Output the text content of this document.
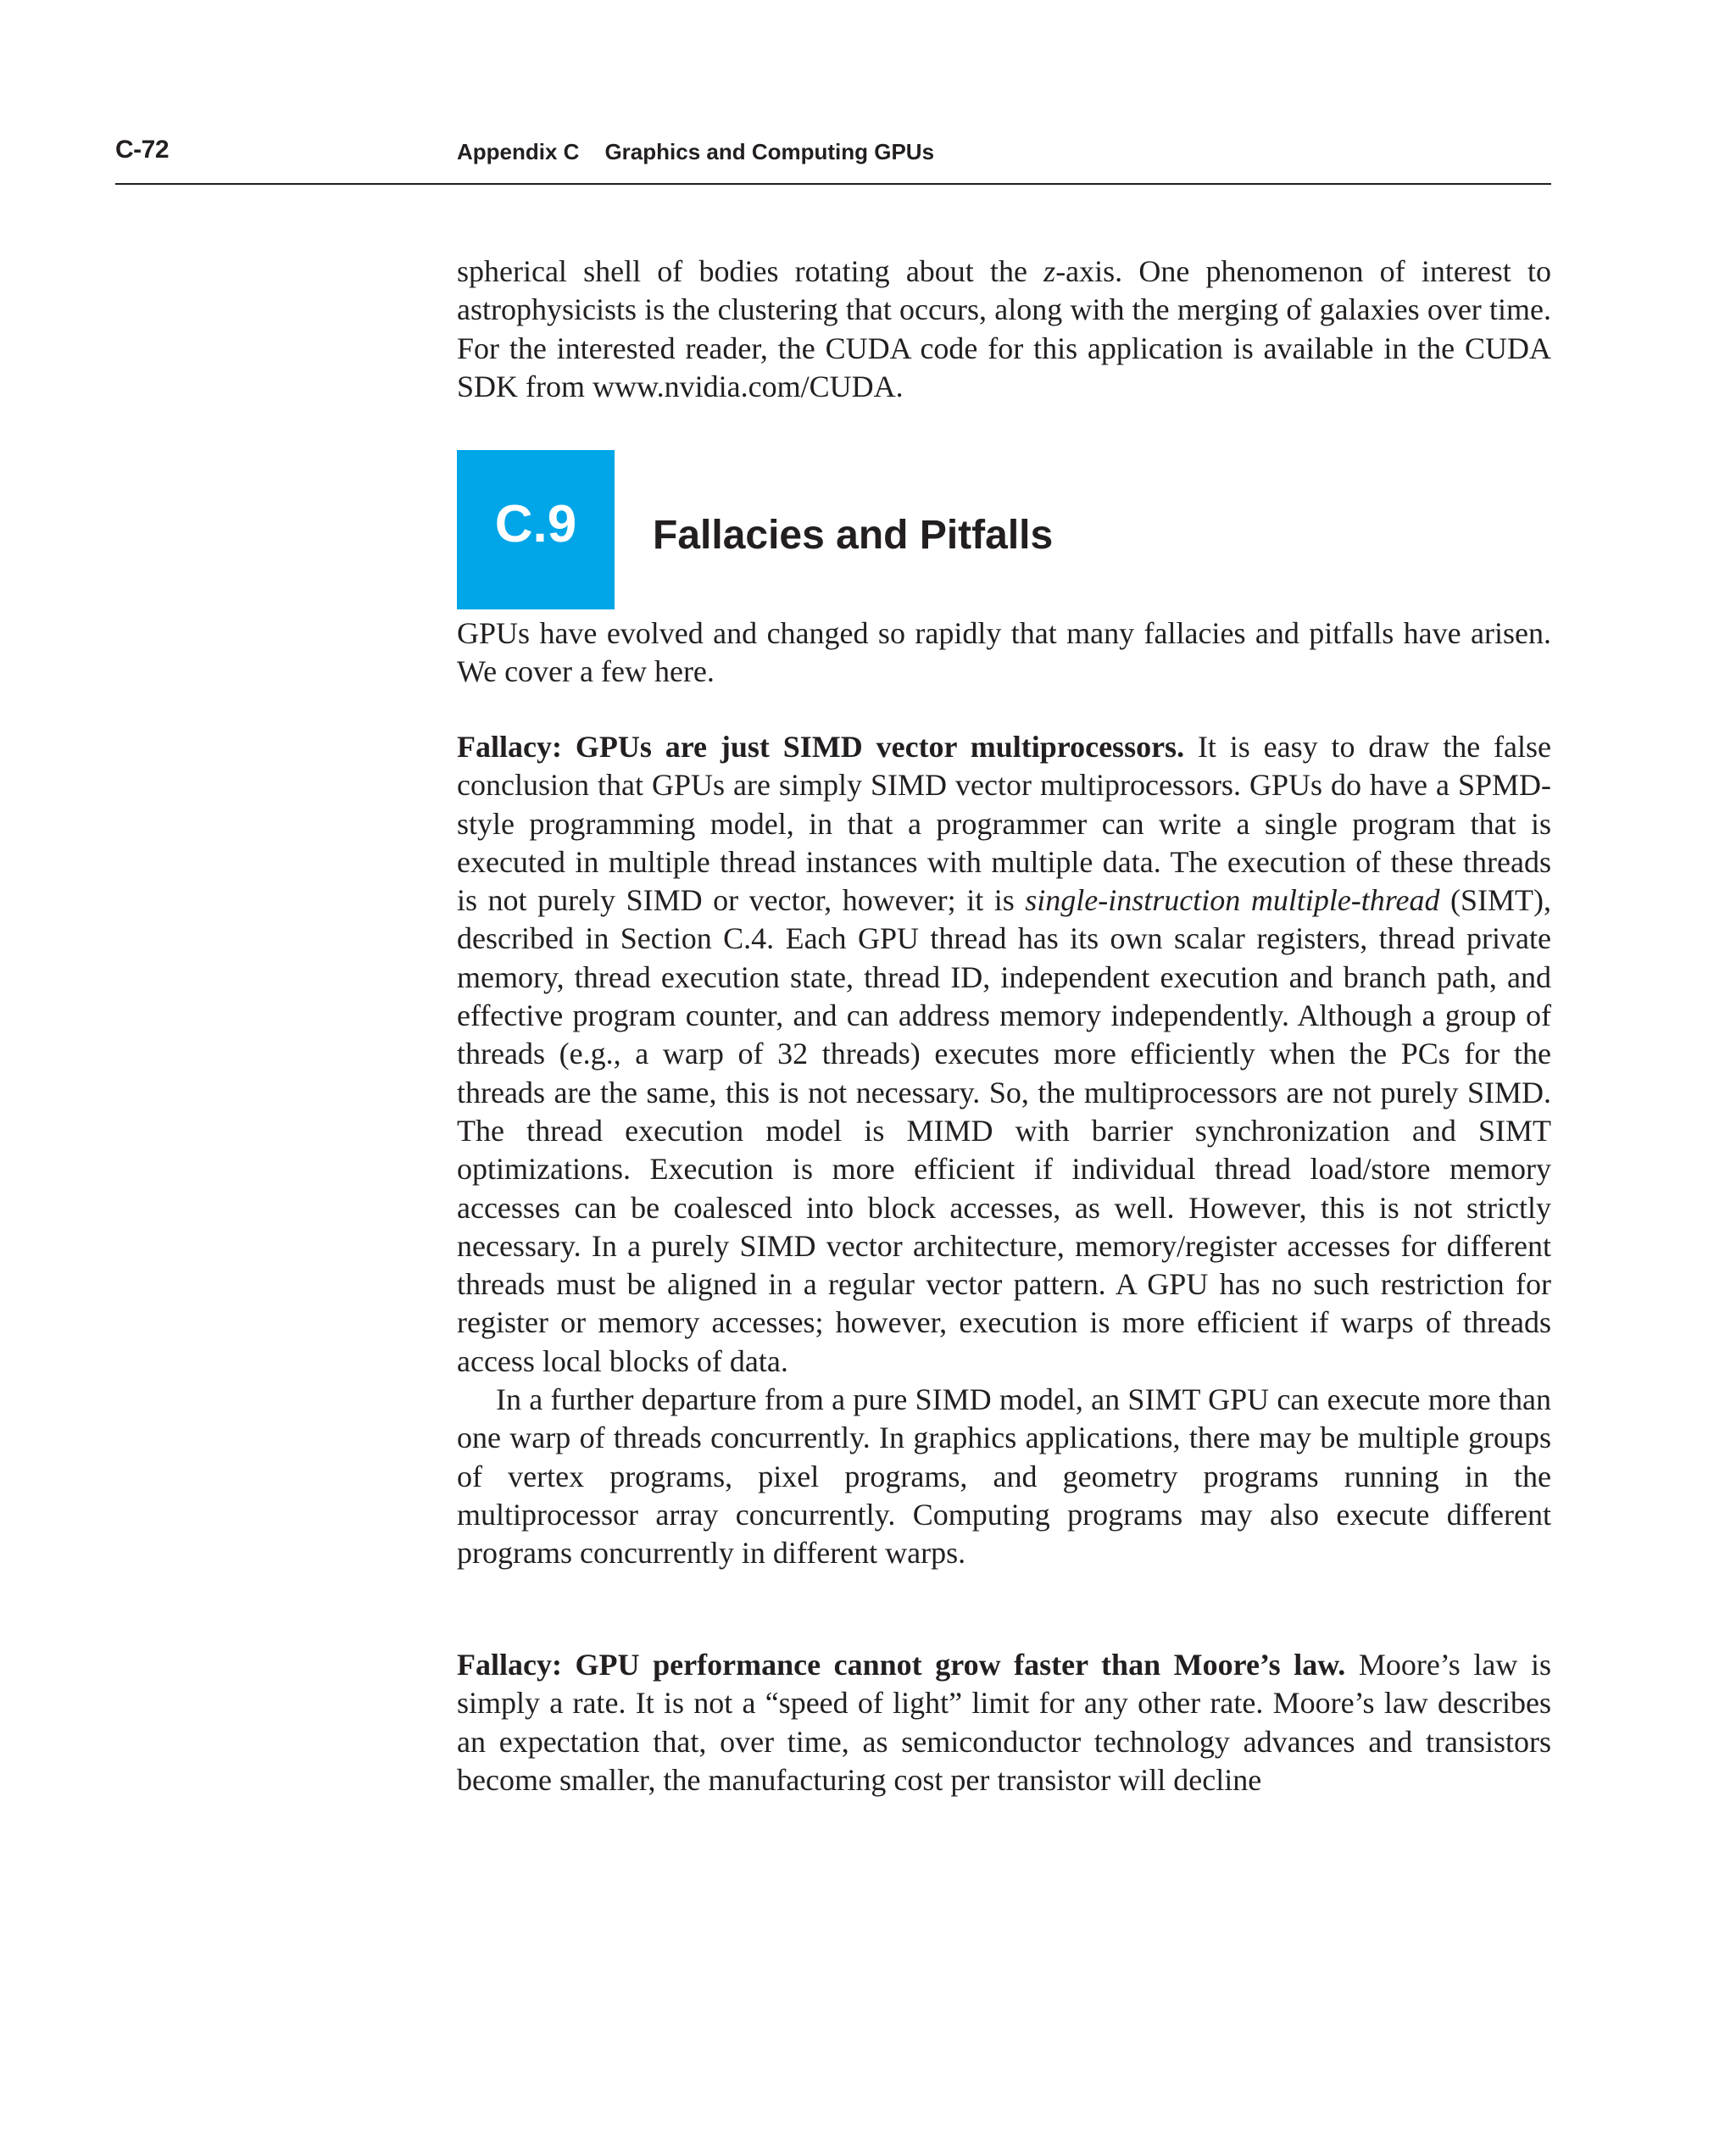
C-72	Appendix C Graphics and Computing GPUs

spherical shell of bodies rotating about the z-axis. One phenomenon of interest to astrophysicists is the clustering that occurs, along with the merging of galaxies over time. For the interested reader, the CUDA code for this application is available in the CUDA SDK from www.nvidia.com/CUDA.

C.9	Fallacies and Pitfalls

GPUs have evolved and changed so rapidly that many fallacies and pitfalls have arisen. We cover a few here.

Fallacy: GPUs are just SIMD vector multiprocessors. It is easy to draw the false conclusion that GPUs are simply SIMD vector multiprocessors. GPUs do have a SPMD-style programming model, in that a programmer can write a single program that is executed in multiple thread instances with multiple data. The execution of these threads is not purely SIMD or vector, however; it is single-instruction multiple-thread (SIMT), described in Section C.4. Each GPU thread has its own scalar registers, thread private memory, thread execution state, thread ID, independent execution and branch path, and effective program counter, and can address memory independently. Although a group of threads (e.g., a warp of 32 threads) executes more efficiently when the PCs for the threads are the same, this is not necessary. So, the multiprocessors are not purely SIMD. The thread execution model is MIMD with barrier synchronization and SIMT optimizations. Execution is more efficient if individual thread load/store memory accesses can be coalesced into block accesses, as well. However, this is not strictly necessary. In a purely SIMD vector architecture, memory/register accesses for different threads must be aligned in a regular vector pattern. A GPU has no such restriction for register or memory accesses; however, execution is more efficient if warps of threads access local blocks of data.

In a further departure from a pure SIMD model, an SIMT GPU can execute more than one warp of threads concurrently. In graphics applications, there may be multiple groups of vertex programs, pixel programs, and geometry programs running in the multiprocessor array concurrently. Computing programs may also execute different programs concurrently in different warps.

Fallacy: GPU performance cannot grow faster than Moore’s law. Moore’s law is simply a rate. It is not a “speed of light” limit for any other rate. Moore’s law describes an expectation that, over time, as semiconductor technology advances and transistors become smaller, the manufacturing cost per transistor will decline
